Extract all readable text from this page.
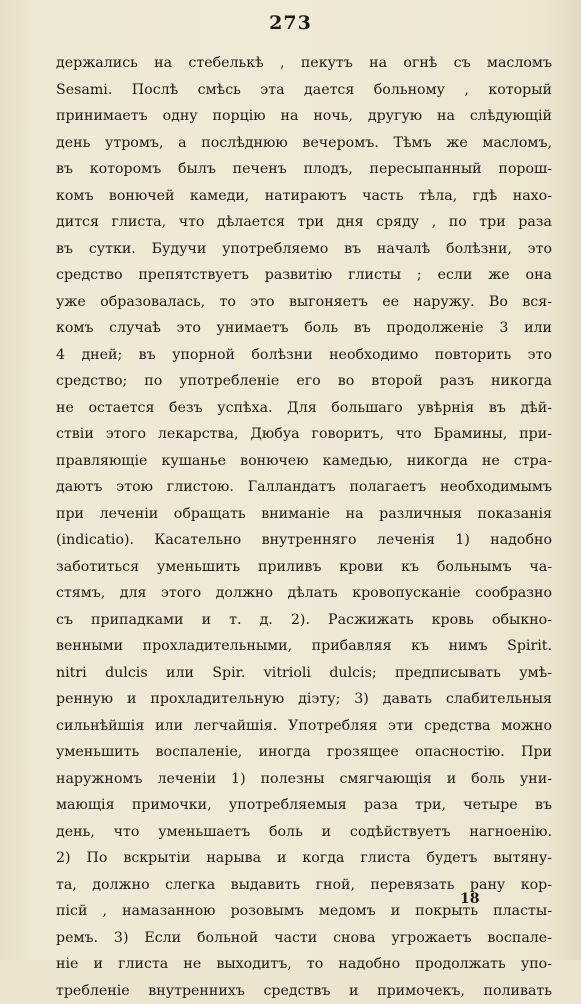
273
держались на стебелькѣ , пекутъ на огнѣ съ масломъ
Sesami. Послѣ смѣсь эта дается больному , который
принимаетъ одну порцію на ночь, другую на слѣдующій
день утромъ, а послѣднюю вечеромъ. Тѣмъ же масломъ,
въ которомъ былъ печенъ плодъ, пересыпанный порош-
комъ вонючей камеди, натираютъ часть тѣла, гдѣ нахо-
дится глиста, что дѣлается три дня сряду , по три раза
въ сутки. Будучи употребляемо въ началѣ болѣзни, это
средство препятствуетъ развитію глисты ; если же она
уже образовалась, то это выгоняетъ ее наружу. Во вся-
комъ случаѣ это унимаетъ боль въ продолженіе 3 или
4 дней; въ упорной болѣзни необходимо повторить это
средство; по употребленіе его во второй разъ никогда
не остается безъ успѣха. Для большаго увѣрнія въ дѣй-
ствіи этого лекарства, Дюбуа говоритъ, что Брамины, при-
правляющіе кушанье вонючею камедью, никогда не стра-
даютъ этою глистою. Галландатъ полагаетъ необходимымъ
при леченіи обращать вниманіе на различныя показанія
(indicatio). Касательно внутренняго леченія 1) надобно
заботиться уменьшить приливъ крови къ больнымъ ча-
стямъ, для этого должно дѣлать кровопусканіе сообразно
съ припадками и т. д. 2). Расжижать кровь обыкно-
венными прохладительными, прибавляя къ нимъ Spirit.
nitri dulcis или Spir. vitrioli dulcis; предписывать умѣ-
ренную и прохладительную діэту; 3) давать слабительныя
сильнѣйшія или легчайшія. Употребляя эти средства можно
уменьшить воспаленіе, иногда грозящее опасностію. При
наружномъ леченіи 1) полезны смягчающія и боль уни-
мающія примочки, употребляемыя раза три, четыре въ
день, что уменьшаетъ боль и содѣйствуетъ нагноенію.
2) По вскрытіи нарыва и когда глиста будетъ вытяну-
та, должно слегка выдавить гной, перевязать рану кор-
пісй , намазанною розовымъ медомъ и покрыть пласты-
ремъ. 3) Если больной части снова угрожаетъ воспале-
ніе и глиста не выходитъ, то надобно продолжать упо-
требленіе внутреннихъ средствъ и примочекъ, поливать
18
